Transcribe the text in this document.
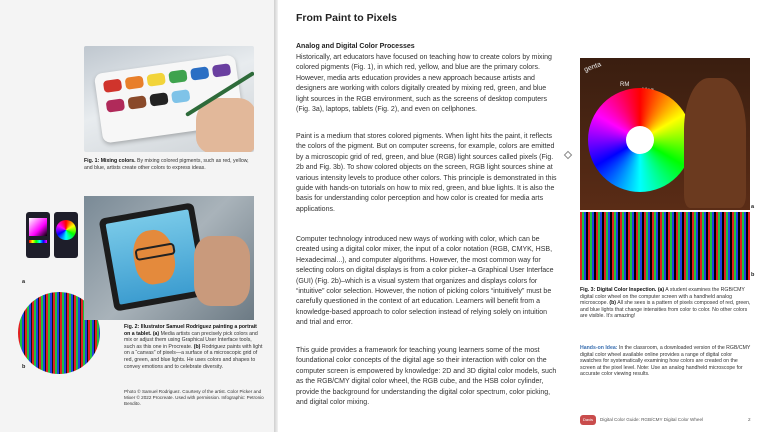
Fig. 1: Mixing colors. By mixing colored pigments, such as red, yellow, and blue, artists create other colors to express ideas.
a
b
Fig. 2: Illustrator Samuel Rodriguez painting a portrait on a tablet. (a) Media artists can precisely pick colors and mix or adjust them using Graphical User Interface tools, such as this one in Procreate. (b) Rodriguez paints with light on a “canvas” of pixels—a surface of a microscopic grid of red, green, and blue lights. He uses colors and shapes to convey emotions and to celebrate diversity.
Photo © Samuel Rodriguez. Courtesy of the artist. Color Picker and Mixer © 2022 Procreate. Used with permission. Infographic: Petronio Bendito.
From Paint to Pixels
Analog and Digital Color Processes

Historically, art educators have focused on teaching how to create colors by mixing colored pigments (Fig. 1), in which red, yellow, and blue are the primary colors. However, media arts education provides a new approach because artists and designers are working with colors digitally created by mixing red, green, and blue light sources in the RGB environment, such as the screens of desktop computers (Fig. 3a), laptops, tablets (Fig. 2), and even on cellphones.

Paint is a medium that stores colored pigments. When light hits the paint, it reflects the colors of the pigment. But on computer screens, for example, colors are emitted by a microscopic grid of red, green, and blue (RGB) light sources called pixels (Fig. 2b and Fig. 3b). To show colored objects on the screen, RGB light sources shine at various intensity levels to produce other colors. This principle is demonstrated in this guide with hands-on tutorials on how to mix red, green, and blue lights. It is also the basis for understanding color perception and how color is created for media arts applications.

Computer technology introduced new ways of working with color, which can be created using a digital color mixer, the input of a color notation (RGB, CMYK, HSB, Hexadecimal...), and computer algorithms. However, the most common way for selecting colors on digital displays is from a color picker–a Graphical User Interface (GUI) (Fig. 2b)–which is a visual system that organizes and displays colors for “intuitive” color selection. However, the notion of picking colors “intuitively” must be carefully questioned in the context of art education. Learners will benefit from a knowledge-based approach to color selection instead of relying solely on intuition and trial and error.

This guide provides a framework for teaching young learners some of the most foundational color concepts of the digital age so their interaction with color on the computer screen is empowered by knowledge: 2D and 3D digital color models, such as the RGB/CMY digital color wheel, the RGB cube, and the HSB color cylinder, provide the background for understanding the digital color spectrum, color picking, and digital color mixing.

genta
RM
a
b
Fig. 3: Digital Color Inspection. (a) A student examines the RGB/CMY digital color wheel on the computer screen with a handheld analog microscope. (b) All she sees is a pattern of pixels composed of red, green, and blue lights that change intensities from color to color. No other colors are visible. It’s amazing!
Hands-on Idea: In the classroom, a downloaded version of the RGB/CMY digital color wheel available online provides a range of digital color swatches for systematically examining how colors are created on the screen at the pixel level. Note: Use an analog handheld microscope for accurate color viewing results.
Davis	Digital Color Guide: RGB/CMY Digital Color Wheel	2
